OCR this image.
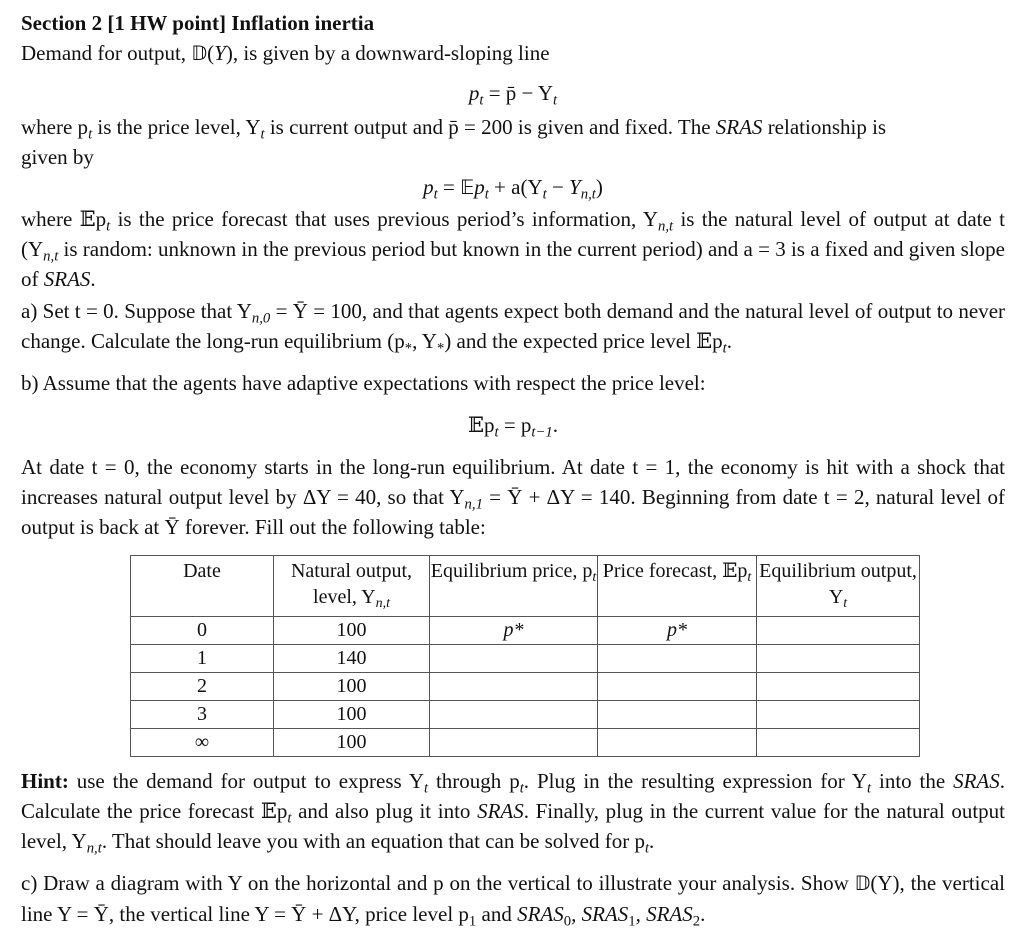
Section 2 [1 HW point] Inflation inertia
Demand for output, 𝔻(Y), is given by a downward-sloping line
$p_t$ = p̄ − $Y_t$
where $p_t$ is the price level, $Y_t$ is current output and p̄ = 200 is given and fixed. The SRAS relationship is
given by
$p_t$ = 𝔼p$_t$ + $a(Y_t - Y_{n,t})$
where 𝔼p$_t$ is the price forecast that uses previous period’s information, $Y_{n,t}$ is the natural level of output at date t ($Y_{n,t}$ is random: unknown in the previous period but known in the current period) and a = 3 is a fixed and given slope of SRAS.
a) Set t = 0. Suppose that $Y_{n,0}$ = Ȳ = 100, and that agents expect both demand and the natural level of output to never change. Calculate the long-run equilibrium ($p_*$, $Y_*$) and the expected price level 𝔼p$_t$.
b) Assume that the agents have adaptive expectations with respect the price level:
𝔼p$_t$ = $p_{t-1}$.
At date t = 0, the economy starts in the long-run equilibrium. At date t = 1, the economy is hit with a shock that increases natural output level by ΔY = 40, so that $Y_{n,1}$ = Ȳ + ΔY = 140. Beginning from date t = 2, natural level of output is back at Ȳ forever. Fill out the following table:
Date	Natural output, level, $Y_{n,t}$	Equilibrium price, $p_t$	Price forecast, 𝔼p$_t$	Equilibrium output, $Y_t$
0	100	p*	p*	
1	140			
2	100			
3	100			
∞	100			
Hint: use the demand for output to express $Y_t$ through $p_t$. Plug in the resulting expression for $Y_t$ into the SRAS. Calculate the price forecast 𝔼p$_t$ and also plug it into SRAS. Finally, plug in the current value for the natural output level, $Y_{n,t}$. That should leave you with an equation that can be solved for $p_t$.
c) Draw a diagram with Y on the horizontal and p on the vertical to illustrate your analysis. Show 𝔻(Y), the vertical line Y = Ȳ, the vertical line Y = Ȳ + ΔY, price level $p_1$ and $SRAS_0$, $SRAS_1$, $SRAS_2$.
